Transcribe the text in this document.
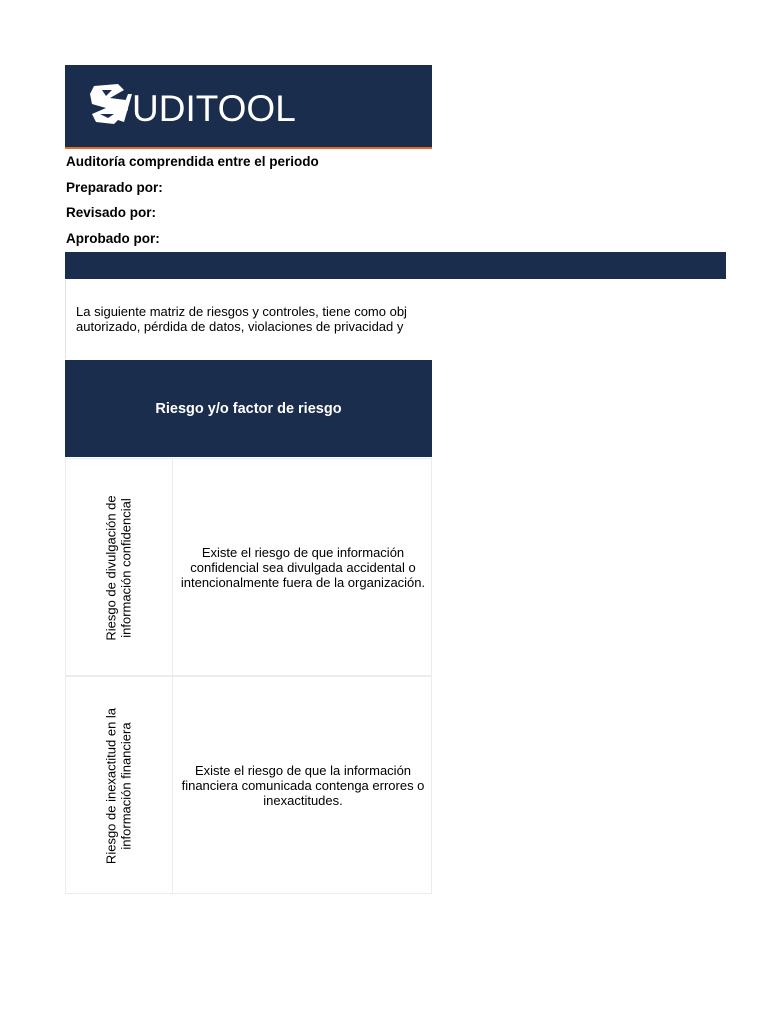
UDITOOL
Auditoría comprendida entre el periodo
Preparado por:
Revisado por:
Aprobado por:
La siguiente matriz de riesgos y controles, tiene como obj
autorizado, pérdida de datos, violaciones de privacidad y
Riesgo y/o factor de riesgo
Riesgo de divulgación de información confidencial	Existe el riesgo de que información confidencial sea divulgada accidental o intencionalmente fuera de la organización.
Riesgo de inexactitud en la información financiera	Existe el riesgo de que la información financiera comunicada contenga errores o inexactitudes.
